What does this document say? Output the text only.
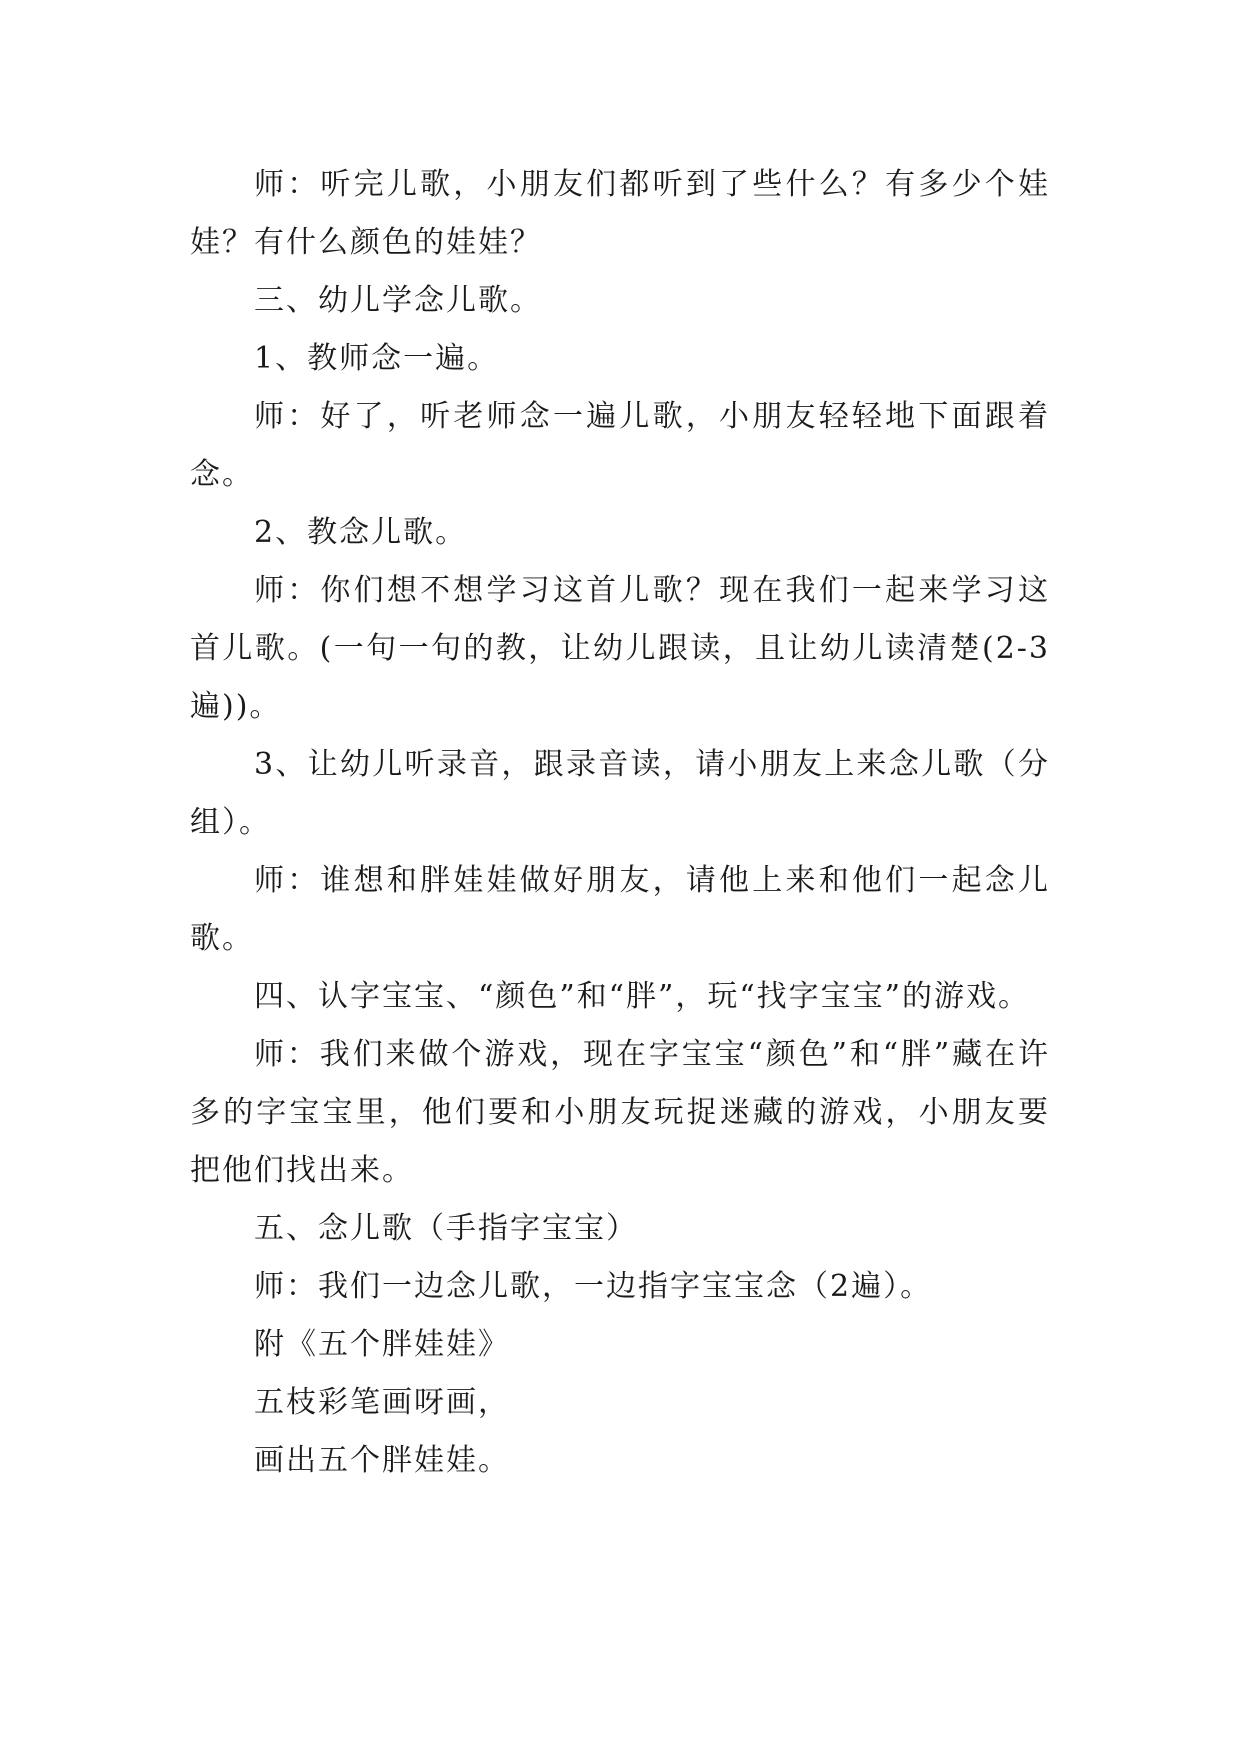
师：听完儿歌，小朋友们都听到了些什么？有多少个娃娃？有什么颜色的娃娃？

三、幼儿学念儿歌。

1、教师念一遍。

师：好了，听老师念一遍儿歌，小朋友轻轻地下面跟着念。

2、教念儿歌。

师：你们想不想学习这首儿歌？现在我们一起来学习这首儿歌。(一句一句的教，让幼儿跟读，且让幼儿读清楚(2-3遍))。

3、让幼儿听录音，跟录音读，请小朋友上来念儿歌（分组）。

师：谁想和胖娃娃做好朋友，请他上来和他们一起念儿歌。

四、认字宝宝、“颜色”和“胖”，玩“找字宝宝”的游戏。

师：我们来做个游戏，现在字宝宝“颜色”和“胖”藏在许多的字宝宝里，他们要和小朋友玩捉迷藏的游戏，小朋友要把他们找出来。

五、念儿歌（手指字宝宝）

师：我们一边念儿歌，一边指字宝宝念（2遍）。

附《五个胖娃娃》

五枝彩笔画呀画，

画出五个胖娃娃。
